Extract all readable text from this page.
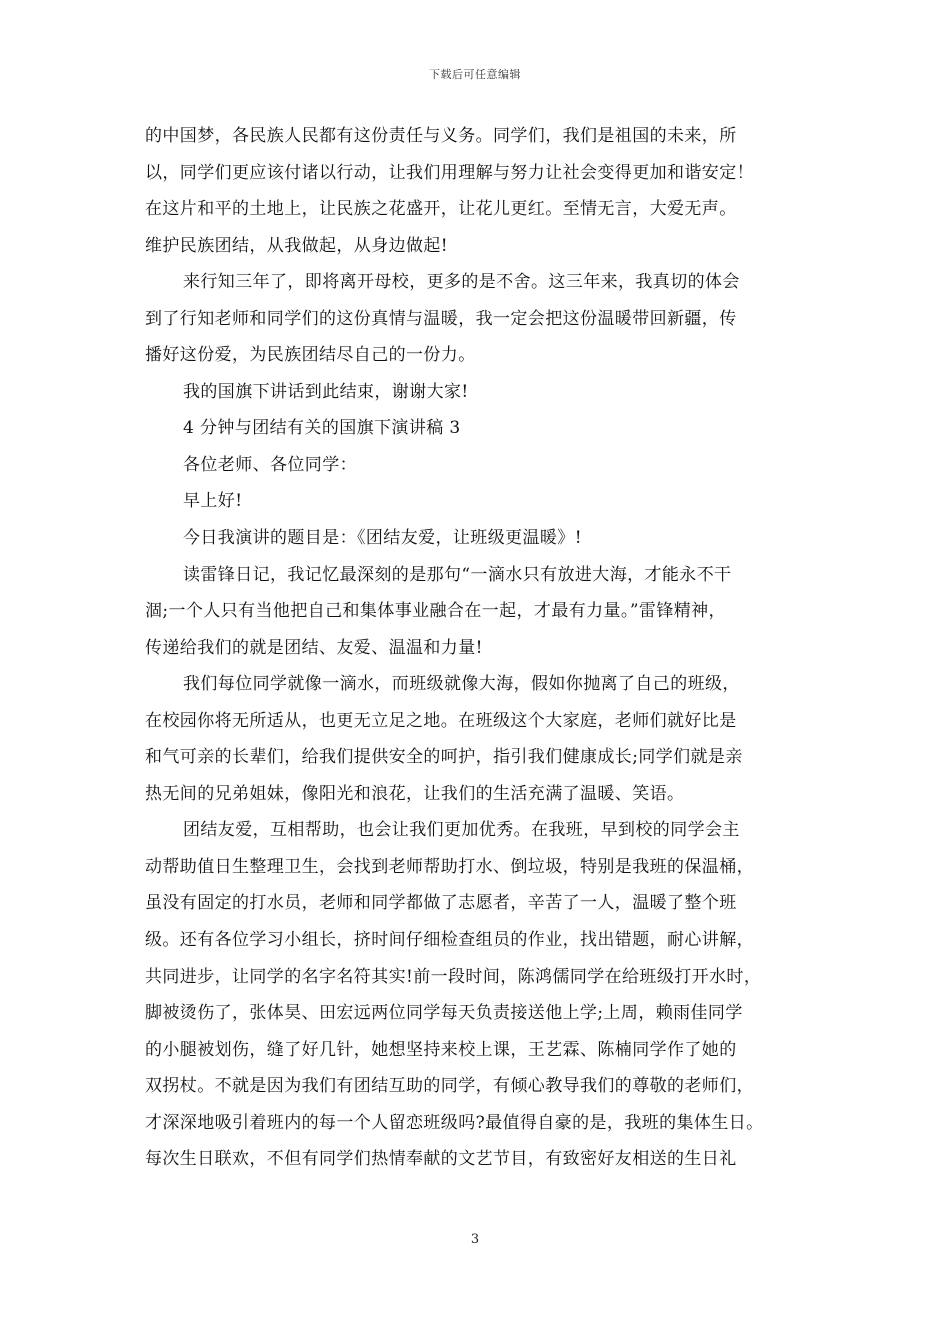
下载后可任意编辑
的中国梦，各民族人民都有这份责任与义务。同学们，我们是祖国的未来，所
以，同学们更应该付诸以行动，让我们用理解与努力让社会变得更加和谐安定！
在这片和平的土地上，让民族之花盛开，让花儿更红。至情无言，大爱无声。
维护民族团结，从我做起，从身边做起!
来行知三年了，即将离开母校，更多的是不舍。这三年来，我真切的体会
到了行知老师和同学们的这份真情与温暖，我一定会把这份温暖带回新疆，传
播好这份爱，为民族团结尽自己的一份力。
我的国旗下讲话到此结束，谢谢大家!
4 分钟与团结有关的国旗下演讲稿 3
各位老师、各位同学：
早上好!
今日我演讲的题目是：《团结友爱，让班级更温暖》!
读雷锋日记，我记忆最深刻的是那句“一滴水只有放进大海，才能永不干
涸;一个人只有当他把自己和集体事业融合在一起，才最有力量。”雷锋精神，
传递给我们的就是团结、友爱、温温和力量!
我们每位同学就像一滴水，而班级就像大海，假如你抛离了自己的班级，
在校园你将无所适从，也更无立足之地。在班级这个大家庭，老师们就好比是
和气可亲的长辈们，给我们提供安全的呵护，指引我们健康成长;同学们就是亲
热无间的兄弟姐妹，像阳光和浪花，让我们的生活充满了温暖、笑语。
团结友爱，互相帮助，也会让我们更加优秀。在我班，早到校的同学会主
动帮助值日生整理卫生，会找到老师帮助打水、倒垃圾，特别是我班的保温桶，
虽没有固定的打水员，老师和同学都做了志愿者，辛苦了一人，温暖了整个班
级。还有各位学习小组长，挤时间仔细检查组员的作业，找出错题，耐心讲解，
共同进步，让同学的名字名符其实!前一段时间，陈鸿儒同学在给班级打开水时，
脚被烫伤了，张体昊、田宏远两位同学每天负责接送他上学;上周，赖雨佳同学
的小腿被划伤，缝了好几针，她想坚持来校上课，王艺霖、陈楠同学作了她的
双拐杖。不就是因为我们有团结互助的同学，有倾心教导我们的尊敬的老师们，
才深深地吸引着班内的每一个人留恋班级吗?最值得自豪的是，我班的集体生日。
每次生日联欢，不但有同学们热情奉献的文艺节目，有致密好友相送的生日礼
3
